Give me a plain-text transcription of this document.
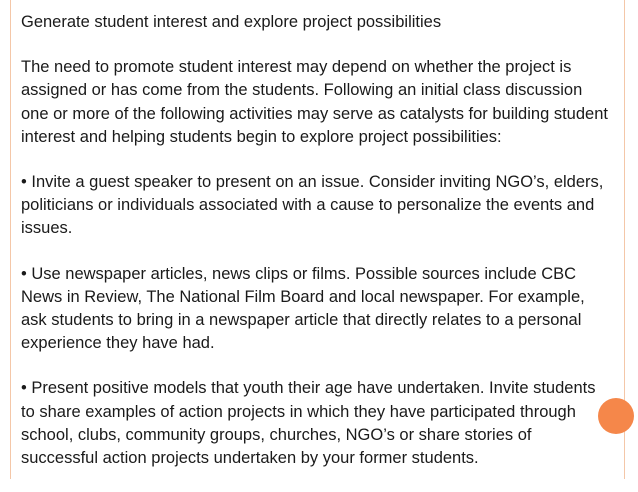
Generate student interest and explore project possibilities

The need to promote student interest may depend on whether the project is assigned or has come from the students. Following an initial class discussion one or more of the following activities may serve as catalysts for building student interest and helping students begin to explore project possibilities:

• Invite a guest speaker to present on an issue. Consider inviting NGO’s, elders, politicians or individuals associated with a cause to personalize the events and issues.

• Use newspaper articles, news clips or films. Possible sources include CBC News in Review, The National Film Board and local newspaper. For example, ask students to bring in a newspaper article that directly relates to a personal experience they have had.

• Present positive models that youth their age have undertaken. Invite students to share examples of action projects in which they have participated through school, clubs, community groups, churches, NGO’s or share stories of successful action projects undertaken by your former students.
